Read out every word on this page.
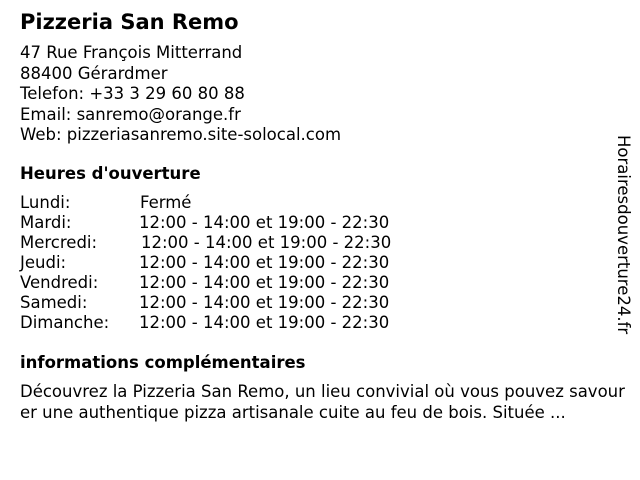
Pizzeria San Remo
47 Rue François Mitterrand
88400 Gérardmer
Telefon: +33 3 29 60 80 88
Email: sanremo@orange.fr
Web: pizzeriasanremo.site-solocal.com
Heures d'ouverture
Lundi:	Fermé
Mardi:	12:00 - 14:00 et 19:00 - 22:30
Mercredi:	12:00 - 14:00 et 19:00 - 22:30
Jeudi:	12:00 - 14:00 et 19:00 - 22:30
Vendredi: 12:00 - 14:00 et 19:00 - 22:30
Samedi:	12:00 - 14:00 et 19:00 - 22:30
Dimanche: 12:00 - 14:00 et 19:00 - 22:30
informations complémentaires

Découvrez la Pizzeria San Remo, un lieu convivial où vous pouvez savourer une authentique pizza artisanale cuite au feu de bois. Située ...

Horairesdouverture24.fr
